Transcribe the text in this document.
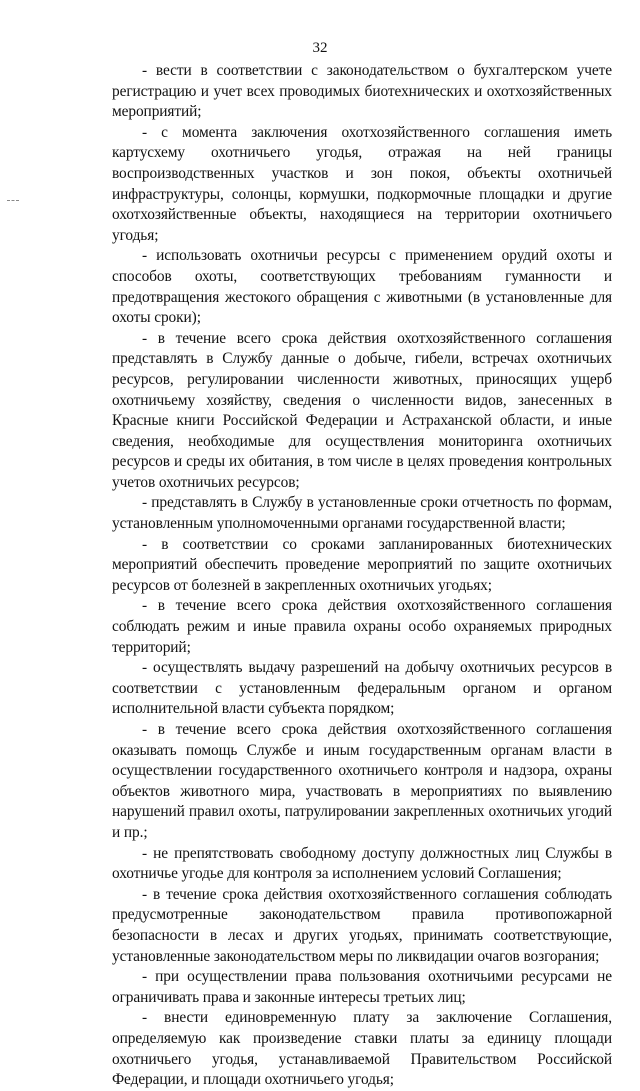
32

- вести в соответствии с законодательством о бухгалтерском учете регистрацию и учет всех проводимых биотехнических и охотхозяйственных мероприятий;

- с момента заключения охотхозяйственного соглашения иметь картусхему охотничьего угодья, отражая на ней границы воспроизводственных участков и зон покоя, объекты охотничьей инфраструктуры, солонцы, кормушки, подкормочные площадки и другие охотхозяйственные объекты, находящиеся на территории охотничьего угодья;

- использовать охотничьи ресурсы с применением орудий охоты и способов охоты, соответствующих требованиям гуманности и предотвращения жестокого обращения с животными (в установленные для охоты сроки);

- в течение всего срока действия охотхозяйственного соглашения представлять в Службу данные о добыче, гибели, встречах охотничьих ресурсов, регулировании численности животных, приносящих ущерб охотничьему хозяйству, сведения о численности видов, занесенных в Красные книги Российской Федерации и Астраханской области, и иные сведения, необходимые для осуществления мониторинга охотничьих ресурсов и среды их обитания, в том числе в целях проведения контрольных учетов охотничьих ресурсов;

- представлять в Службу в установленные сроки отчетность по формам, установленным уполномоченными органами государственной власти;

- в соответствии со сроками запланированных биотехнических мероприятий обеспечить проведение мероприятий по защите охотничьих ресурсов от болезней в закрепленных охотничьих угодьях;

- в течение всего срока действия охотхозяйственного соглашения соблюдать режим и иные правила охраны особо охраняемых природных территорий;

- осуществлять выдачу разрешений на добычу охотничьих ресурсов в соответствии с установленным федеральным органом и органом исполнительной власти субъекта порядком;

- в течение всего срока действия охотхозяйственного соглашения оказывать помощь Службе и иным государственным органам власти в осуществлении государственного охотничьего контроля и надзора, охраны объектов животного мира, участвовать в мероприятиях по выявлению нарушений правил охоты, патрулировании закрепленных охотничьих угодий и пр.;

- не препятствовать свободному доступу должностных лиц Службы в охотничье угодье для контроля за исполнением условий Соглашения;

- в течение срока действия охотхозяйственного соглашения соблюдать предусмотренные законодательством правила противопожарной безопасности в лесах и других угодьях, принимать соответствующие, установленные законодательством меры по ликвидации очагов возгорания;

- при осуществлении права пользования охотничьими ресурсами не ограничивать права и законные интересы третьих лиц;

- внести единовременную плату за заключение Соглашения, определяемую как произведение ставки платы за единицу площади охотничьего угодья, устанавливаемой Правительством Российской Федерации, и площади охотничьего угодья;
